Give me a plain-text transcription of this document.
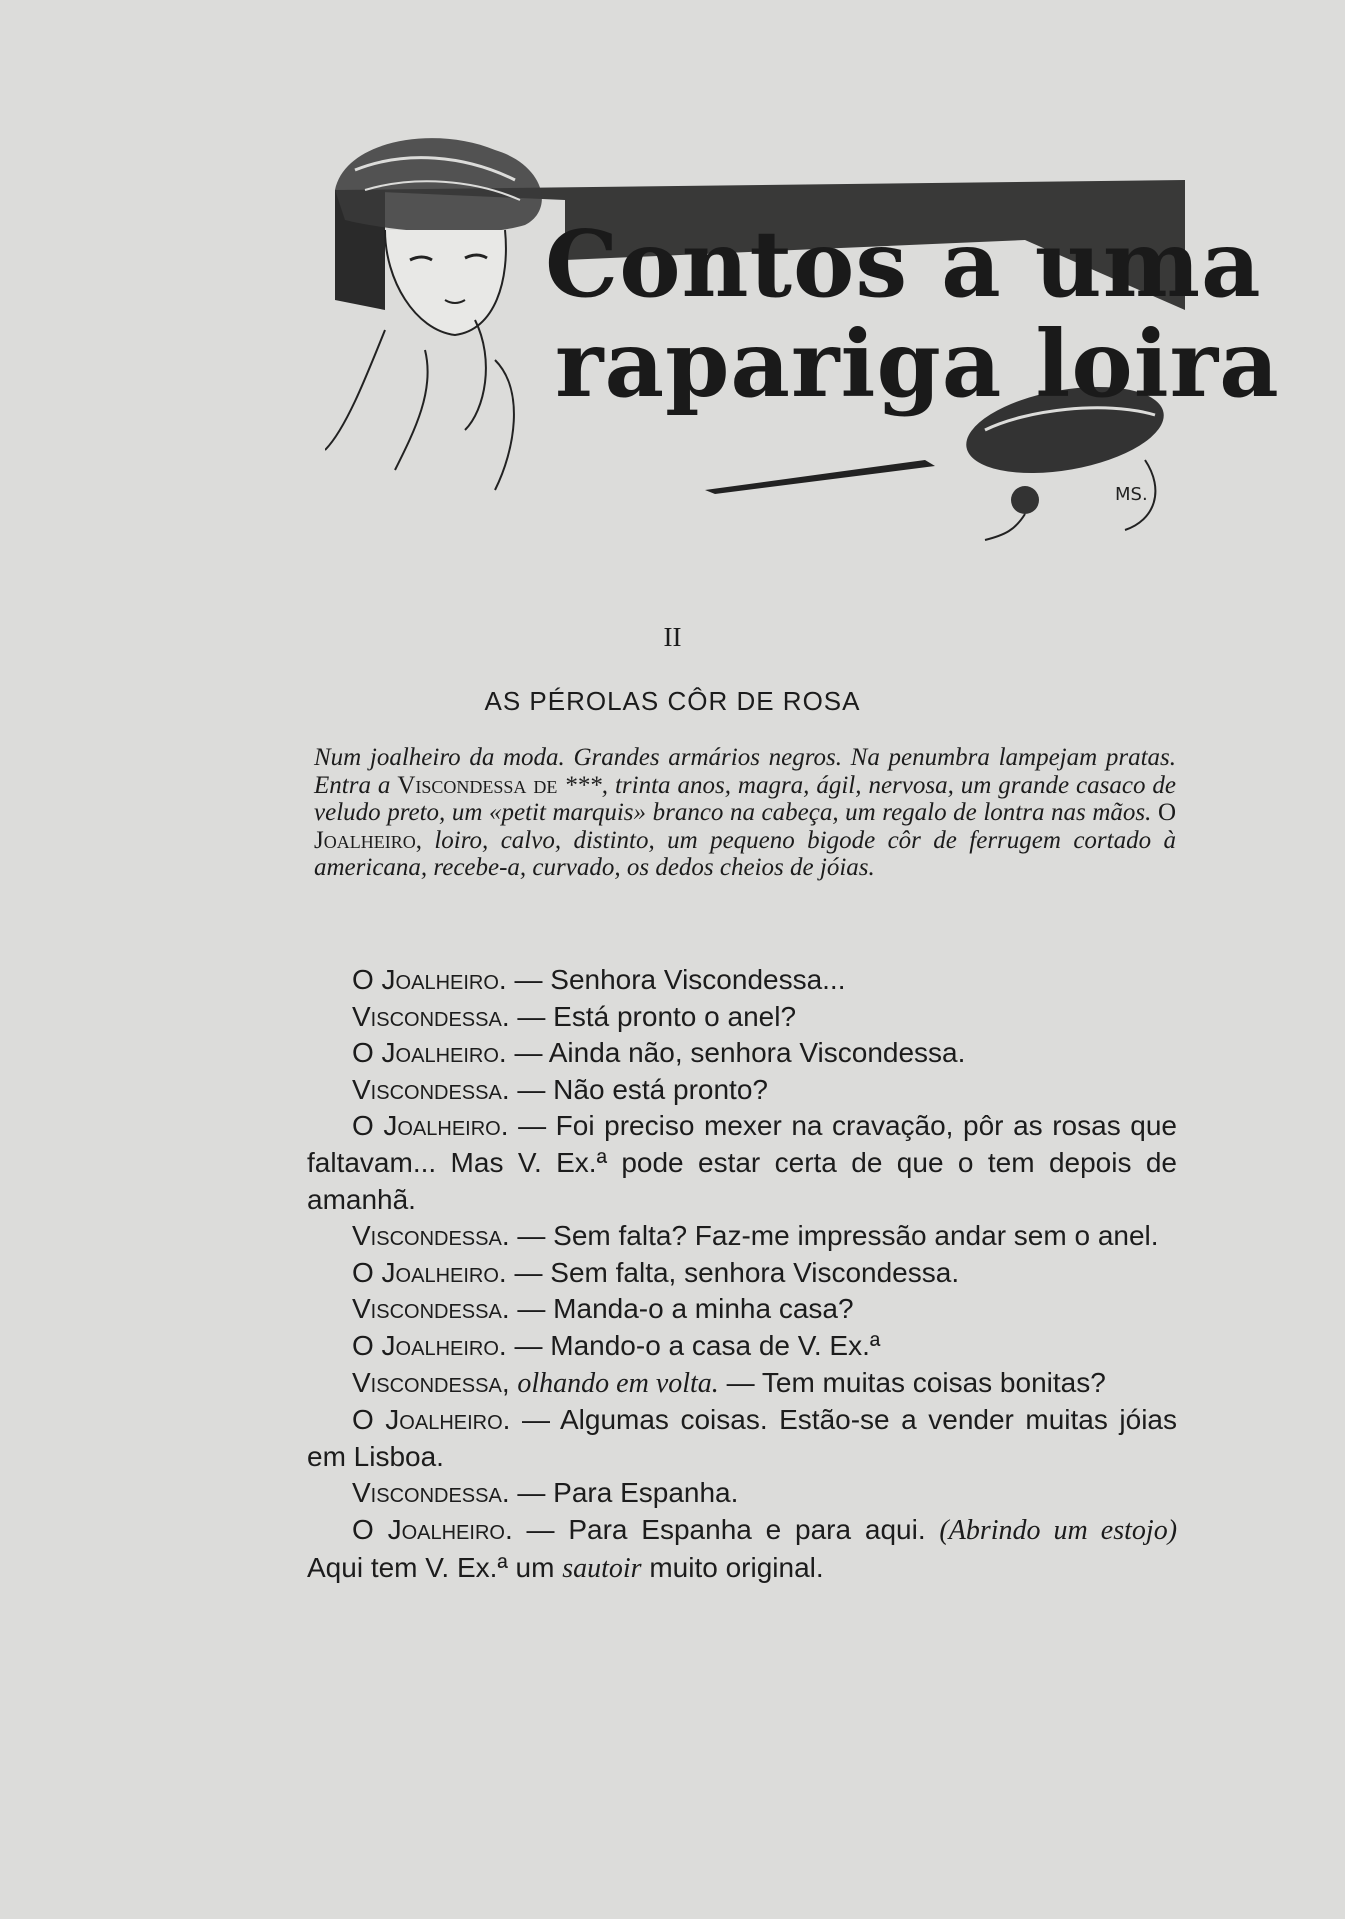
MS.
Contos a uma
rapariga loira
II
AS PÉROLAS CÔR DE ROSA

Num joalheiro da moda. Grandes armários negros. Na penumbra lampejam pratas. Entra a Viscondessa de ***, trinta anos, magra, ágil, nervosa, um grande casaco de veludo preto, um «petit marquis» branco na cabeça, um regalo de lontra nas mãos. O Joalheiro, loiro, calvo, distinto, um pequeno bigode côr de ferrugem cortado à americana, recebe-a, curvado, os dedos cheios de jóias.

O Joalheiro. — Senhora Viscondessa...

Viscondessa. — Está pronto o anel?

O Joalheiro. — Ainda não, senhora Viscondessa.

Viscondessa. — Não está pronto?

O Joalheiro. — Foi preciso mexer na cravação, pôr as rosas que faltavam... Mas V. Ex.ª pode estar certa de que o tem depois de amanhã.

Viscondessa. — Sem falta? Faz-me impressão andar sem o anel.

O Joalheiro. — Sem falta, senhora Viscondessa.

Viscondessa. — Manda-o a minha casa?

O Joalheiro. — Mando-o a casa de V. Ex.ª

Viscondessa, olhando em volta. — Tem muitas coisas bonitas?

O Joalheiro. — Algumas coisas. Estão-se a vender muitas jóias em Lisboa.

Viscondessa. — Para Espanha.

O Joalheiro. — Para Espanha e para aqui. (Abrindo um estojo) Aqui tem V. Ex.ª um sautoir muito original.
